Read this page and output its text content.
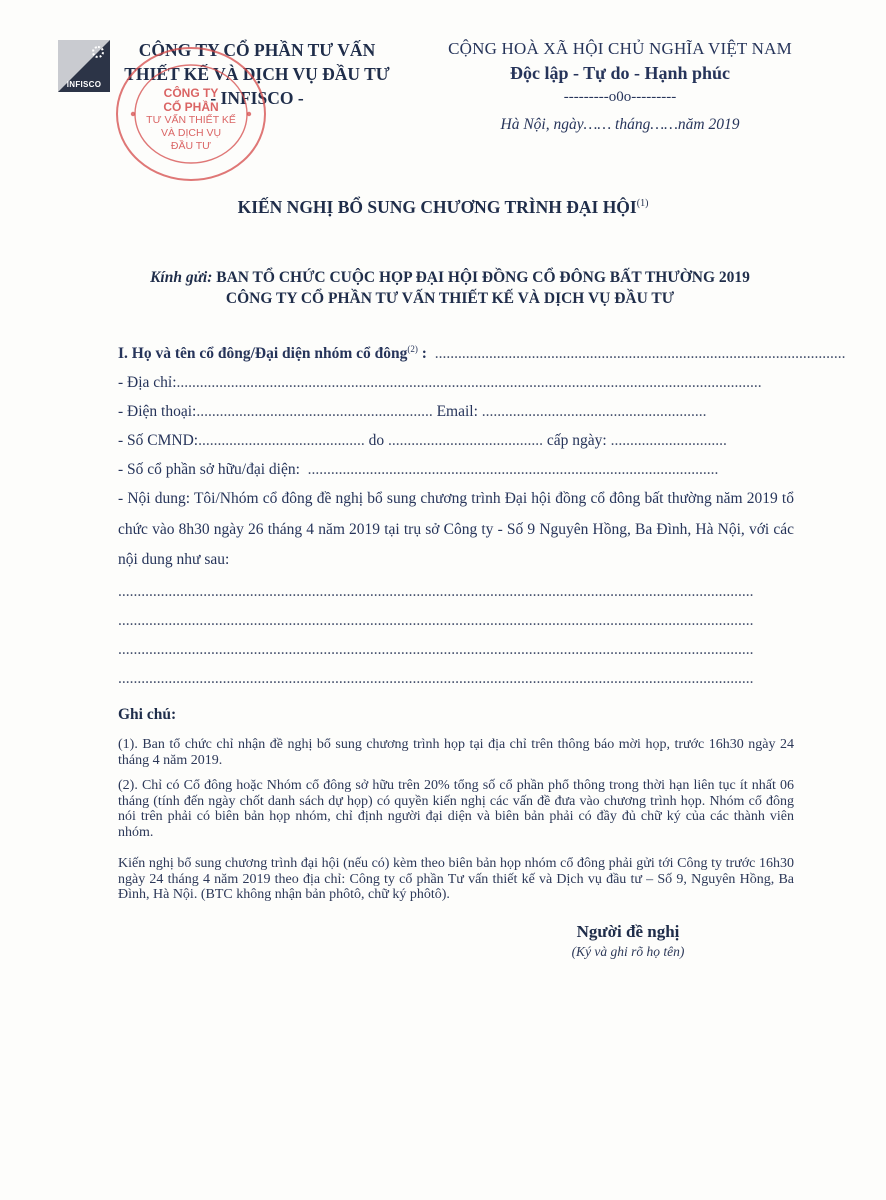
INFISCO
CÔNG TY CỔ PHẦN TƯ VẤN
THIẾT KẾ VÀ DỊCH VỤ ĐẦU TƯ
- INFISCO -
CÔNG TY
CỔ PHẦN
TƯ VẤN THIẾT KẾ
VÀ DỊCH VỤ
ĐẦU TƯ
CỘNG HOÀ XÃ HỘI CHỦ NGHĨA VIỆT NAM
Độc lập - Tự do - Hạnh phúc
---------o0o---------
Hà Nội, ngày…… tháng……năm 2019
KIẾN NGHỊ BỔ SUNG CHƯƠNG TRÌNH ĐẠI HỘI$^{(1)}$
Kính gửi: BAN TỔ CHỨC CUỘC HỌP ĐẠI HỘI ĐỒNG CỔ ĐÔNG BẤT THƯỜNG 2019
CÔNG TY CỔ PHẦN TƯ VẤN THIẾT KẾ VÀ DỊCH VỤ ĐẦU TƯ
I. Họ và tên cổ đông/Đại diện nhóm cổ đông$^{(2)}$ :  ..........................................................................................................
- Địa chỉ:.......................................................................................................................................................
- Điện thoại:............................................................. Email: ..........................................................
- Số CMND:........................................... do ........................................ cấp ngày: ..............................
- Số cổ phần sở hữu/đại diện:  ..........................................................................................................
- Nội dung: Tôi/Nhóm cổ đông đề nghị bổ sung chương trình Đại hội đồng cổ đông bất thường năm 2019 tổ chức vào 8h30 ngày 26 tháng 4 năm 2019 tại trụ sở Công ty - Số 9 Nguyên Hồng, Ba Đình, Hà Nội, với các nội dung như sau:
....................................................................................................................................................................
....................................................................................................................................................................
....................................................................................................................................................................
....................................................................................................................................................................
Ghi chú:
(1). Ban tổ chức chỉ nhận đề nghị bổ sung chương trình họp tại địa chỉ trên thông báo mời họp, trước 16h30 ngày 24 tháng 4 năm 2019.
(2). Chỉ có Cổ đông hoặc Nhóm cổ đông sở hữu trên 20% tổng số cổ phần phổ thông trong thời hạn liên tục ít nhất 06 tháng (tính đến ngày chốt danh sách dự họp) có quyền kiến nghị các vấn đề đưa vào chương trình họp. Nhóm cổ đông nói trên phải có biên bản họp nhóm, chỉ định người đại diện và biên bản phải có đầy đủ chữ ký của các thành viên nhóm.
Kiến nghị bổ sung chương trình đại hội (nếu có) kèm theo biên bản họp nhóm cổ đông phải gửi tới Công ty trước 16h30 ngày 24 tháng 4 năm 2019 theo địa chỉ: Công ty cổ phần Tư vấn thiết kế và Dịch vụ đầu tư – Số 9, Nguyên Hồng, Ba Đình, Hà Nội. (BTC không nhận bản phôtô, chữ ký phôtô).
Người đề nghị
(Ký và ghi rõ họ tên)
